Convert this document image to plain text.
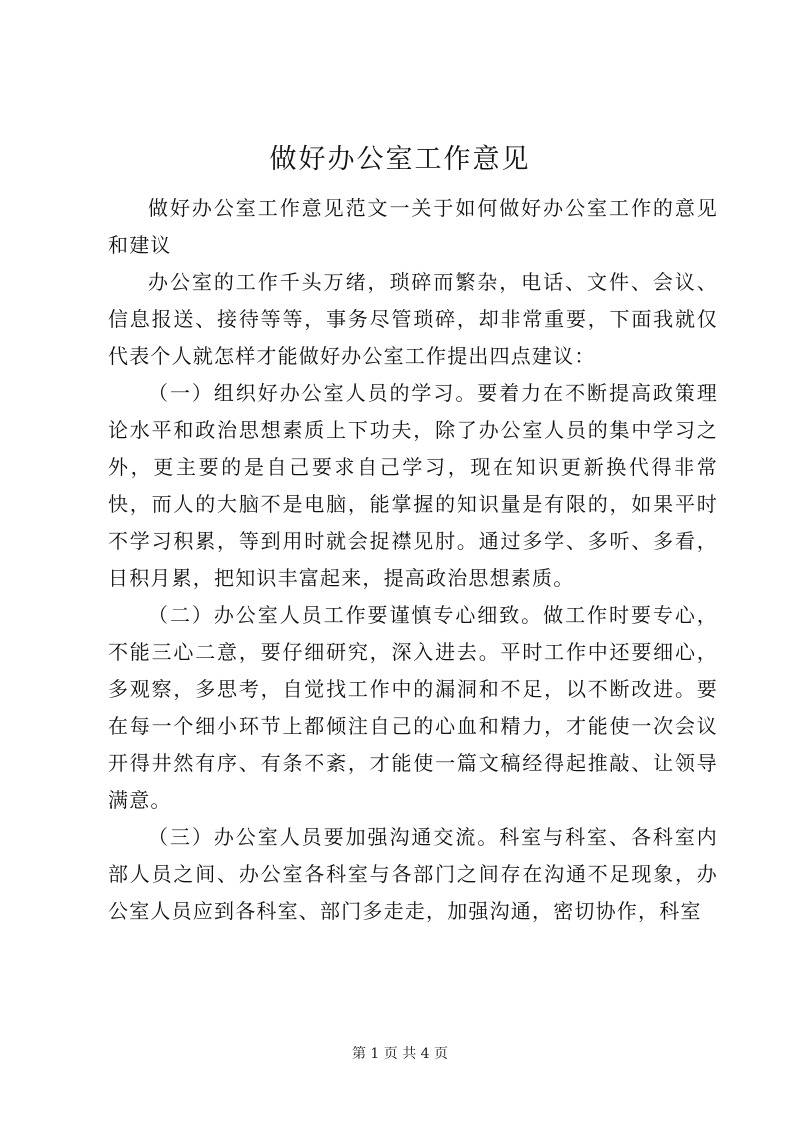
做好办公室工作意见

做好办公室工作意见范文一关于如何做好办公室工作的意见和建议

办公室的工作千头万绪，琐碎而繁杂，电话、文件、会议、信息报送、接待等等，事务尽管琐碎，却非常重要，下面我就仅代表个人就怎样才能做好办公室工作提出四点建议：

（一）组织好办公室人员的学习。要着力在不断提高政策理论水平和政治思想素质上下功夫，除了办公室人员的集中学习之外，更主要的是自己要求自己学习，现在知识更新换代得非常快，而人的大脑不是电脑，能掌握的知识量是有限的，如果平时不学习积累，等到用时就会捉襟见肘。通过多学、多听、多看，日积月累，把知识丰富起来，提高政治思想素质。

（二）办公室人员工作要谨慎专心细致。做工作时要专心，不能三心二意，要仔细研究，深入进去。平时工作中还要细心，多观察，多思考，自觉找工作中的漏洞和不足，以不断改进。要在每一个细小环节上都倾注自己的心血和精力，才能使一次会议开得井然有序、有条不紊，才能使一篇文稿经得起推敲、让领导满意。

（三）办公室人员要加强沟通交流。科室与科室、各科室内部人员之间、办公室各科室与各部门之间存在沟通不足现象，办公室人员应到各科室、部门多走走，加强沟通，密切协作，科室

第 1 页 共 4 页
